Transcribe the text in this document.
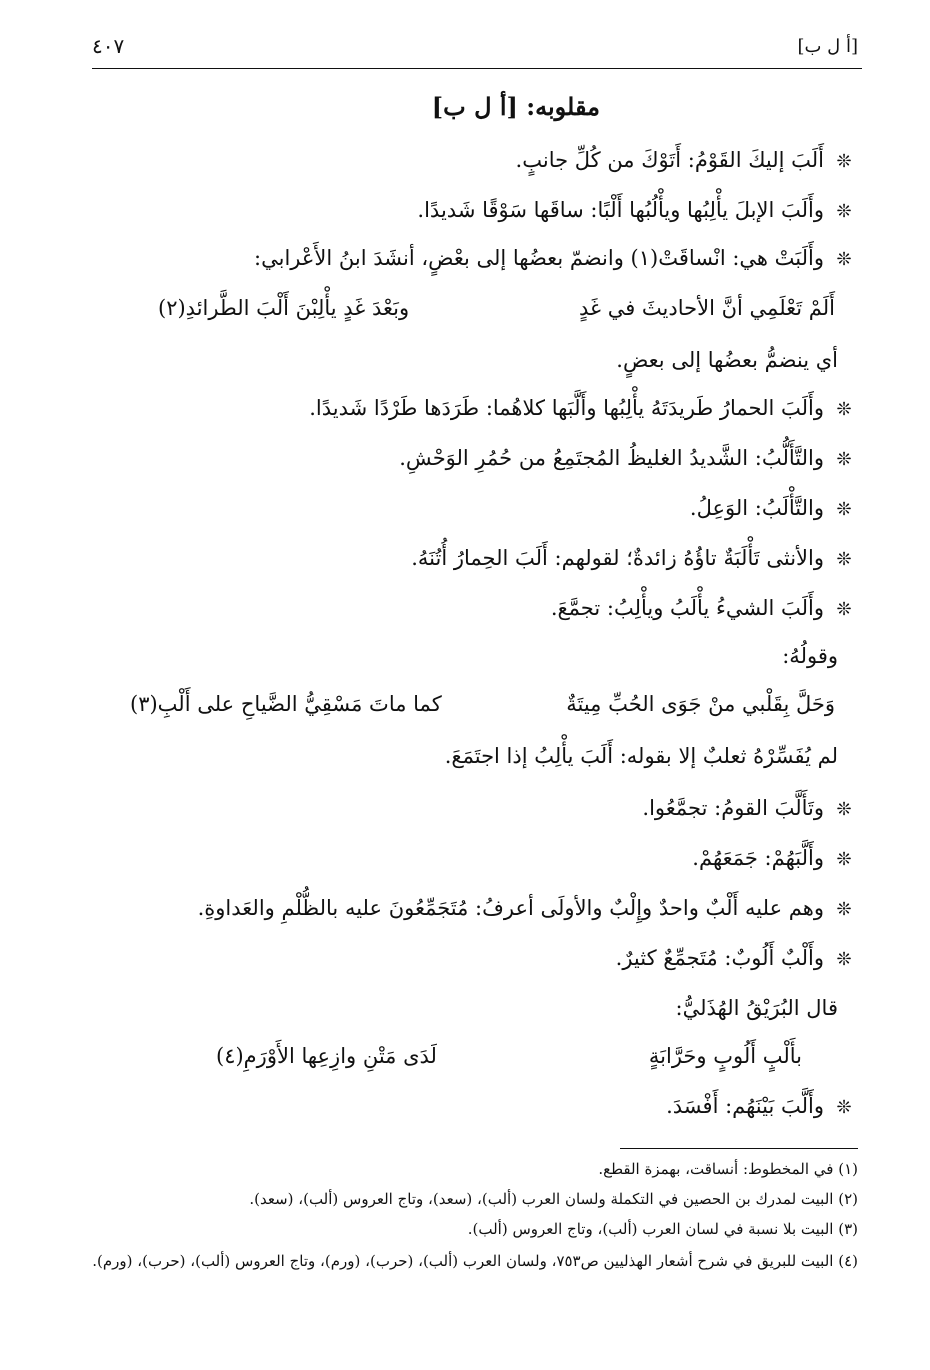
٤٠٧	[أ ل ب]
مقلوبه: [أ ل ب]
❊أَلَبَ إليكَ القَوْمُ: أَتَوْكَ من كُلِّ جانبٍ.
❊وأَلَبَ الإبلَ يأْلِبُها ويأْلُبُها أَلْبًا: ساقَها سَوْقًا شَديدًا.
❊وأَلَبَتْ هي: انْساقَتْ(١) وانضمّ بعضُها إلى بعْضٍ، أنشَدَ ابنُ الأَعْرابي:
أَلَمْ تَعْلَمِي أنَّ الأحاديثَ في غَدٍ
وبَعْدَ غَدٍ يأْلِبْنَ أَلْبَ الطَّرائدِ(٢)
أي ينضمُّ بعضُها إلى بعضٍ.
❊وأَلَبَ الحمارُ طَريدَتَهُ يأْلِبُها وأَلَّبَها كلاهُما: طَرَدَها طَرْدًا شَديدًا.
❊والتَّأَلُّبُ: الشَّديدُ الغليظُ المُجتَمِعُ من حُمُرِ الوَحْشِ.
❊والتَّأْلَبُ: الوَعِلُ.
❊والأنثى تَأْلَبَةٌ تاؤُهُ زائدةٌ؛ لقولهم: أَلَبَ الحِمارُ أُتُنَهُ.
❊وأَلَبَ الشيءُ يأْلَبُ ويأْلِبُ: تجمَّعَ.
وقولُهُ:
وَحَلَّ بِقَلْبي منْ جَوَى الحُبِّ مِيتَةٌ
كما ماتَ مَسْقِيُّ الضَّياحِ على أَلْبِ(٣)
لم يُفَسِّرْهُ ثعلبٌ إلا بقوله: أَلَبَ يأْلِبُ إذا اجتَمَعَ.
❊وتَأَلَّبَ القومُ: تجمَّعُوا.
❊وأَلَّبَهُمْ: جَمَعَهُمْ.
❊وهم عليه أَلْبٌ واحدٌ وإِلْبٌ والأولَى أعرفُ: مُتَجَمِّعُونَ عليه بالظُّلْمِ والعَداوةِ.
❊وأَلْبٌ أَلُوبٌ: مُتَجمِّعٌ كثيرٌ.
قال البُرَيْقُ الهُذَليُّ:
بأَلْبٍ أَلُوبٍ وحَرَّابَةٍ
لَدَى مَتْنِ وازِعِها الأَوْرَمِ(٤)
❊وأَلَّبَ بَيْنَهُم: أَفْسَدَ.
(١) في المخطوط: أنساقت، بهمزة القطع.
(٢) البيت لمدرك بن الحصين في التكملة ولسان العرب (ألب)، (سعد)، وتاج العروس (ألب)، (سعد).
(٣) البيت بلا نسبة في لسان العرب (ألب)، وتاج العروس (ألب).
(٤) البيت للبريق في شرح أشعار الهذليين ص٧٥٣، ولسان العرب (ألب)، (حرب)، (ورم)، وتاج العروس (ألب)، (حرب)، (ورم).
